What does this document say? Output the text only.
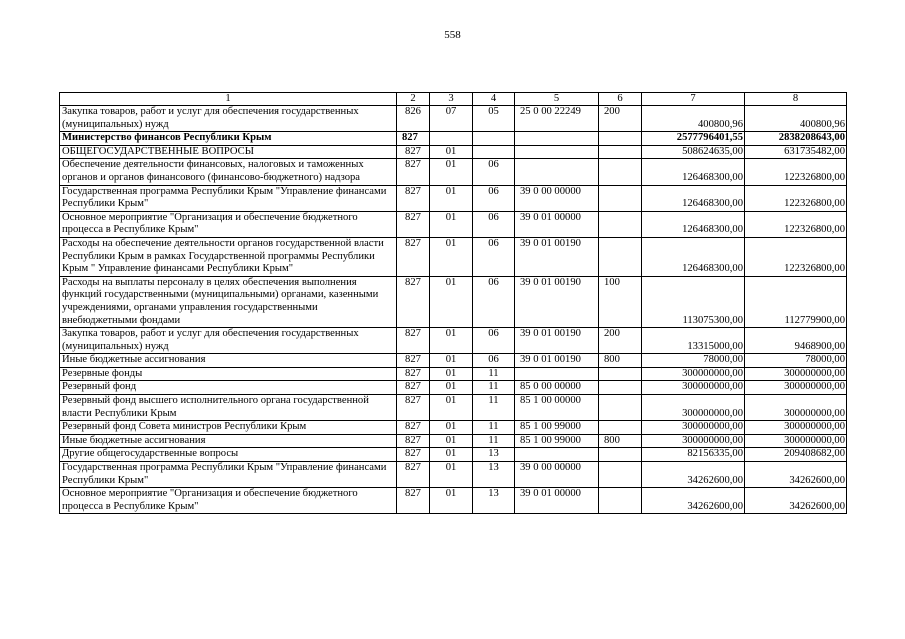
558
1	2	3	4	5	6	7	8
Закупка товаров, работ и услуг для обеспечения государственных (муниципальных) нужд	826	07	05	25 0 00 22249	200	400800,96	400800,96
Министерство финансов Республики Крым	827					2577796401,55	2838208643,00
ОБЩЕГОСУДАРСТВЕННЫЕ ВОПРОСЫ	827	01				508624635,00	631735482,00
Обеспечение деятельности финансовых, налоговых и таможенных органов и органов финансового (финансово-бюджетного) надзора	827	01	06			126468300,00	122326800,00
Государственная программа Республики Крым "Управление финансами Республики Крым"	827	01	06	39 0 00 00000		126468300,00	122326800,00
Основное мероприятие "Организация и обеспечение бюджетного процесса в Республике Крым"	827	01	06	39 0 01 00000		126468300,00	122326800,00
Расходы на обеспечение деятельности органов государственной власти Республики Крым в рамках Государственной программы Республики Крым " Управление финансами Республики Крым"	827	01	06	39 0 01 00190		126468300,00	122326800,00
Расходы на выплаты персоналу в целях обеспечения выполнения функций государственными (муниципальными) органами, казенными учреждениями, органами управления государственными внебюджетными фондами	827	01	06	39 0 01 00190	100	113075300,00	112779900,00
Закупка товаров, работ и услуг для обеспечения государственных (муниципальных) нужд	827	01	06	39 0 01 00190	200	13315000,00	9468900,00
Иные бюджетные ассигнования	827	01	06	39 0 01 00190	800	78000,00	78000,00
Резервные фонды	827	01	11			300000000,00	300000000,00
Резервный фонд	827	01	11	85 0 00 00000		300000000,00	300000000,00
Резервный фонд высшего исполнительного органа государственной власти Республики Крым	827	01	11	85 1 00 00000		300000000,00	300000000,00
Резервный фонд Совета министров Республики Крым	827	01	11	85 1 00 99000		300000000,00	300000000,00
Иные бюджетные ассигнования	827	01	11	85 1 00 99000	800	300000000,00	300000000,00
Другие общегосударственные вопросы	827	01	13			82156335,00	209408682,00
Государственная программа Республики Крым "Управление финансами Республики Крым"	827	01	13	39 0 00 00000		34262600,00	34262600,00
Основное мероприятие "Организация и обеспечение бюджетного процесса в Республике Крым"	827	01	13	39 0 01 00000		34262600,00	34262600,00
